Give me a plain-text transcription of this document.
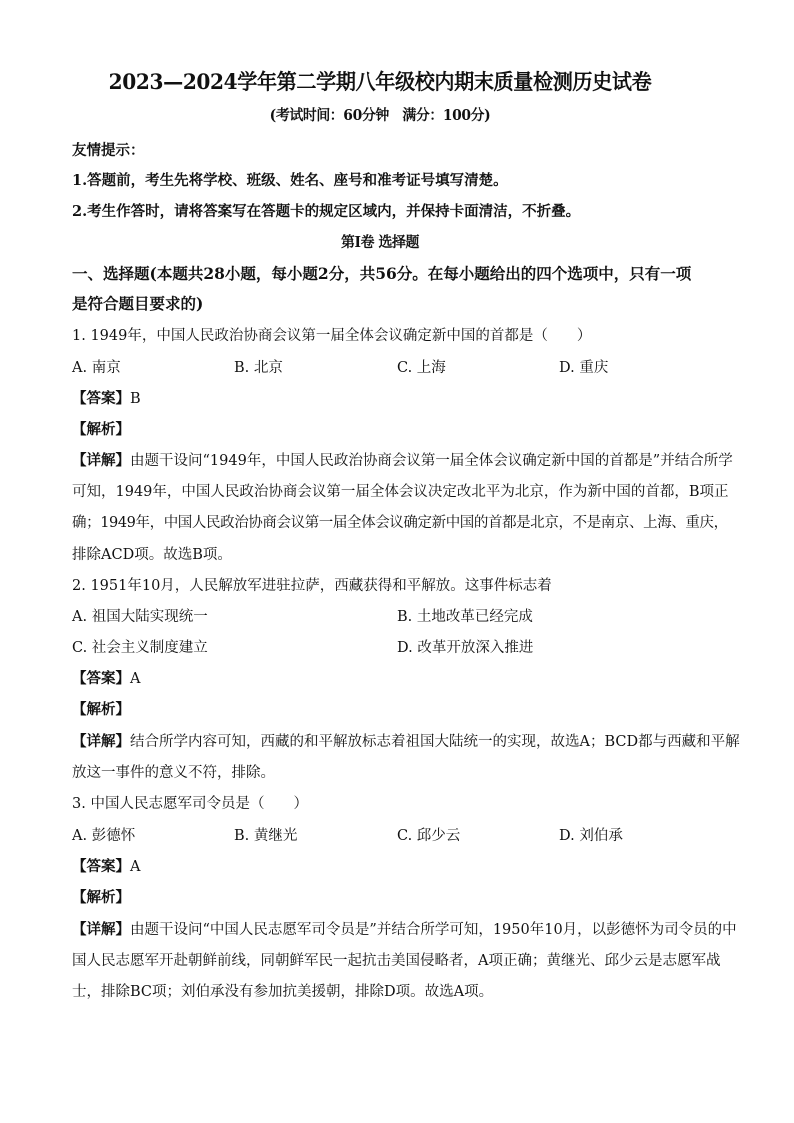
2023—2024学年第二学期八年级校内期末质量检测历史试卷
(考试时间：60分钟　满分：100分)
友情提示：
1.答题前，考生先将学校、班级、姓名、座号和准考证号填写清楚。
2.考生作答时，请将答案写在答题卡的规定区域内，并保持卡面清洁，不折叠。
第Ⅰ卷 选择题
一、选择题(本题共28小题，每小题2分，共56分。在每小题给出的四个选项中，只有一项
是符合题目要求的)
1. 1949年，中国人民政治协商会议第一届全体会议确定新中国的首都是（　　）
A. 南京	B. 北京	C. 上海	D. 重庆
【答案】B
【解析】
【详解】由题干设问“1949年，中国人民政治协商会议第一届全体会议确定新中国的首都是”并结合所学
可知，1949年，中国人民政治协商会议第一届全体会议决定改北平为北京，作为新中国的首都，B项正
确；1949年，中国人民政治协商会议第一届全体会议确定新中国的首都是北京，不是南京、上海、重庆，
排除ACD项。故选B项。
2. 1951年10月，人民解放军进驻拉萨，西藏获得和平解放。这事件标志着
A. 祖国大陆实现统一	B. 土地改革已经完成
C. 社会主义制度建立	D. 改革开放深入推进
【答案】A
【解析】
【详解】结合所学内容可知，西藏的和平解放标志着祖国大陆统一的实现，故选A；BCD都与西藏和平解
放这一事件的意义不符，排除。
3. 中国人民志愿军司令员是（　　）
A. 彭德怀	B. 黄继光	C. 邱少云	D. 刘伯承
【答案】A
【解析】
【详解】由题干设问“中国人民志愿军司令员是”并结合所学可知，1950年10月，以彭德怀为司令员的中
国人民志愿军开赴朝鲜前线，同朝鲜军民一起抗击美国侵略者，A项正确；黄继光、邱少云是志愿军战
士，排除BC项；刘伯承没有参加抗美援朝，排除D项。故选A项。
